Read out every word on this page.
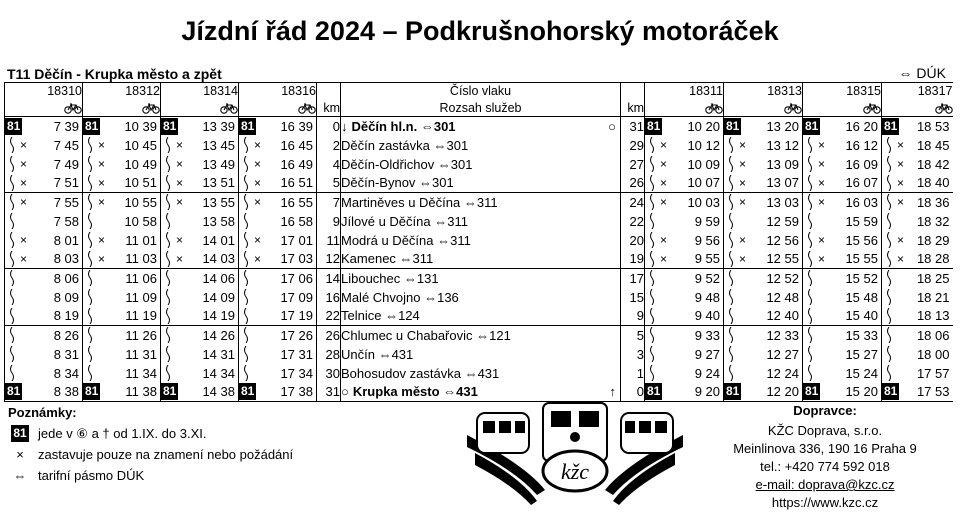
Jízdní řád 2024 – Podkrušnohorský motoráček
T11 Děčín - Krupka město a zpět	⇔ DÚK
18310	18312	18314	18316		Číslo vlaku		18311	18313	18315	18317
				km	Rozsah služeb	km				

81 7 39	81 10 39	81 13 39	81 16 39	0	↓ Děčín hl.n. ⇔301 ○	31	81 10 20	81 13 20	81 16 20	81 18 53

× 7 45	× 10 45	× 13 45	× 16 45	2	Děčín zastávka ⇔301	29	× 10 12	× 13 12	× 16 12	× 18 45

× 7 49	× 10 49	× 13 49	× 16 49	4	Děčín-Oldřichov ⇔301	27	× 10 09	× 13 09	× 16 09	× 18 42

× 7 51	× 10 51	× 13 51	× 16 51	5	Děčín-Bynov ⇔301	26	× 10 07	× 13 07	× 16 07	× 18 40

× 7 55	× 10 55	× 13 55	× 16 55	7	Martiněves u Děčína ⇔311	24	× 10 03	× 13 03	× 16 03	× 18 36

7 58	10 58	13 58	16 58	9	Jílové u Děčína ⇔311	22	9 59	12 59	15 59	18 32

× 8 01	× 11 01	× 14 01	× 17 01	11	Modrá u Děčína ⇔311	20	× 9 56	× 12 56	× 15 56	× 18 29

× 8 03	× 11 03	× 14 03	× 17 03	12	Kamenec ⇔311	19	× 9 55	× 12 55	× 15 55	× 18 28

8 06	11 06	14 06	17 06	14	Libouchec ⇔131	17	9 52	12 52	15 52	18 25

8 09	11 09	14 09	17 09	16	Malé Chvojno ⇔136	15	9 48	12 48	15 48	18 21

8 19	11 19	14 19	17 19	22	Telnice ⇔124	9	9 40	12 40	15 40	18 13

8 26	11 26	14 26	17 26	26	Chlumec u Chabařovic ⇔121	5	9 33	12 33	15 33	18 06

8 31	11 31	14 31	17 31	28	Unčín ⇔431	3	9 27	12 27	15 27	18 00

8 34	11 34	14 34	17 34	30	Bohosudov zastávka ⇔431	1	9 24	12 24	15 24	17 57

81 8 38	81 11 38	81 14 38	81 17 38	31	○ Krupka město ⇔431 ↑	0	81 9 20	81 12 20	81 15 20	81 17 53
Poznámky:
81 jede v ⑥ a † od 1.IX. do 3.XI.
×	zastavuje pouze na znamení nebo požádání
⇔ tarifní pásmo DÚK	kžc
Dopravce:
KŽC Doprava, s.r.o.
Meinlinova 336, 190 16 Praha 9
tel.: +420 774 592 018
e-mail: doprava@kzc.cz
https://www.kzc.cz
